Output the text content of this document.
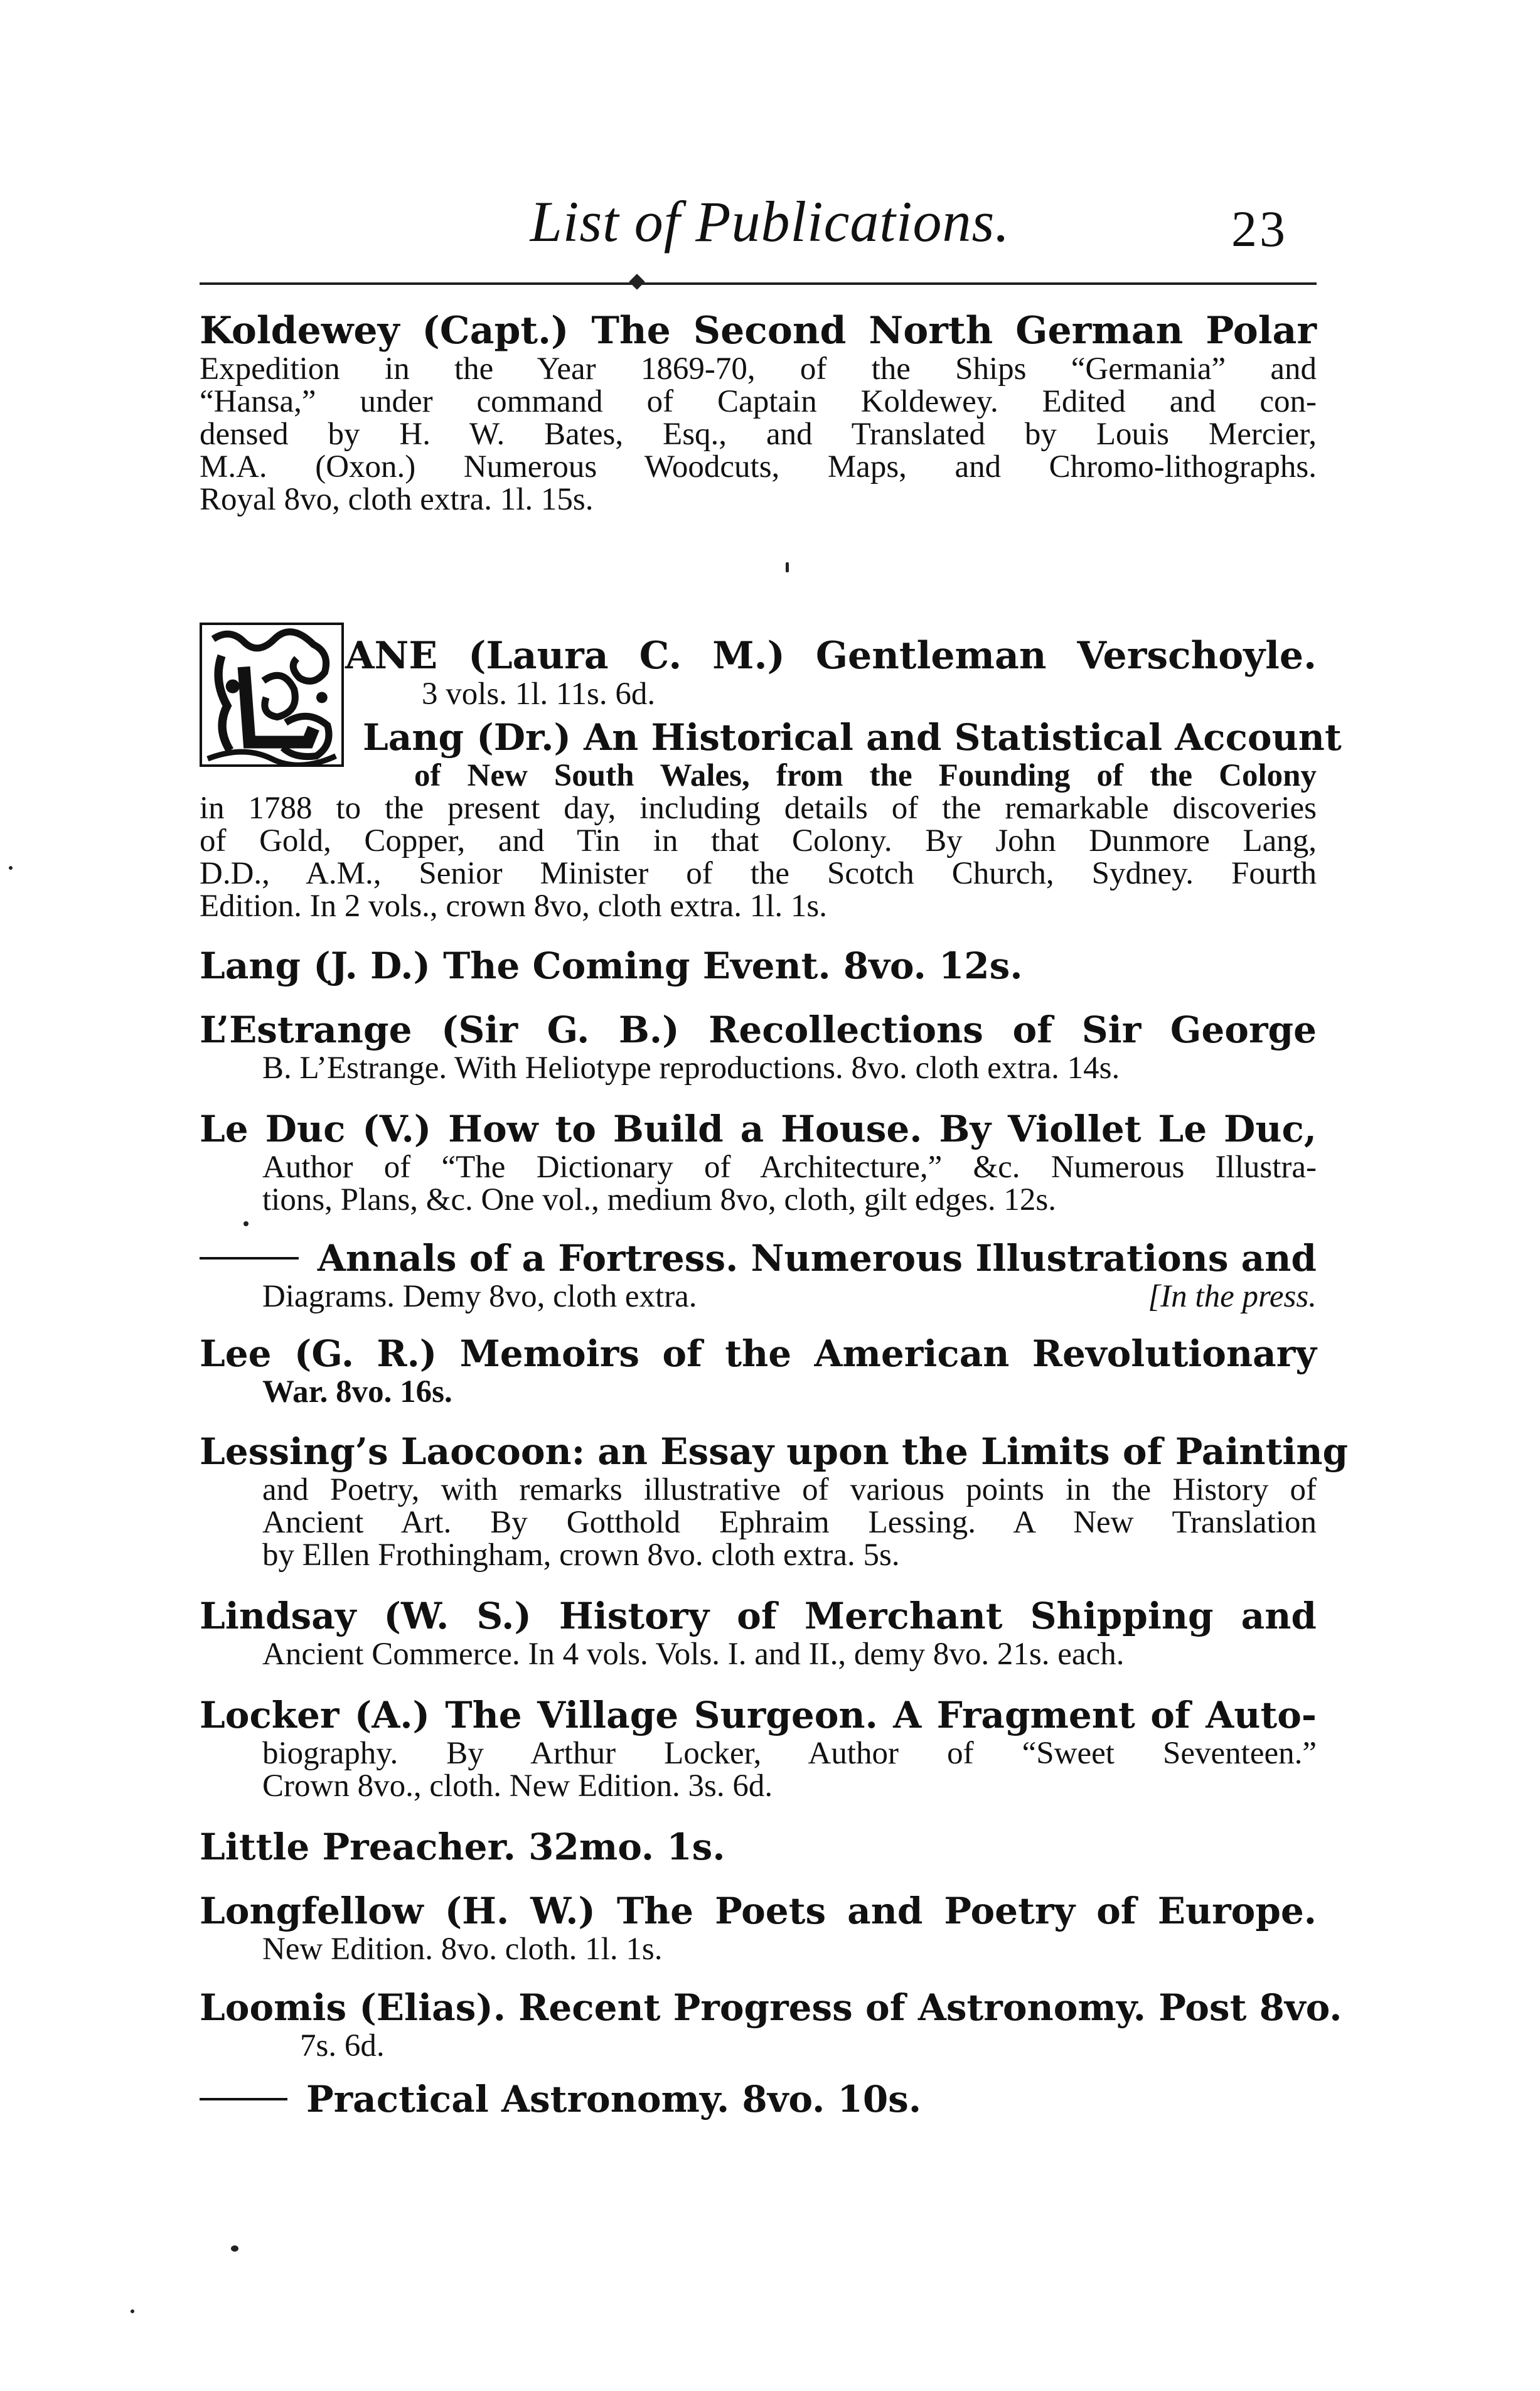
List of Publications.	23
Koldewey (Capt.) The Second North German Polar
Expedition in the Year 1869-70, of the Ships “Germania” and
“Hansa,” under command of Captain Koldewey. Edited and con-
densed by H. W. Bates, Esq., and Translated by Louis Mercier,
M.A. (Oxon.) Numerous Woodcuts, Maps, and Chromo-lithographs.
Royal 8vo, cloth extra. 1l. 15s.
ANE (Laura C. M.) Gentleman Verschoyle.
3 vols. 1l. 11s. 6d.
Lang (Dr.) An Historical and Statistical Account
of New South Wales, from the Founding of the Colony
in 1788 to the present day, including details of the remarkable discoveries
of Gold, Copper, and Tin in that Colony. By John Dunmore Lang,
D.D., A.M., Senior Minister of the Scotch Church, Sydney. Fourth
Edition. In 2 vols., crown 8vo, cloth extra. 1l. 1s.
Lang (J. D.) The Coming Event. 8vo. 12s.
L’Estrange (Sir G. B.) Recollections of Sir George
B. L’Estrange. With Heliotype reproductions. 8vo. cloth extra. 14s.
Le Duc (V.) How to Build a House. By Viollet Le Duc,
Author of “The Dictionary of Architecture,” &c. Numerous Illustra-
tions, Plans, &c. One vol., medium 8vo, cloth, gilt edges. 12s.
Annals of a Fortress. Numerous Illustrations and
Diagrams. Demy 8vo, cloth extra.	[In the press.
Lee (G. R.) Memoirs of the American Revolutionary
War. 8vo. 16s.
Lessing’s Laocoon: an Essay upon the Limits of Painting
and Poetry, with remarks illustrative of various points in the History of
Ancient Art. By Gotthold Ephraim Lessing. A New Translation
by Ellen Frothingham, crown 8vo. cloth extra. 5s.
Lindsay (W. S.) History of Merchant Shipping and
Ancient Commerce. In 4 vols. Vols. I. and II., demy 8vo. 21s. each.
Locker (A.) The Village Surgeon. A Fragment of Auto-
biography. By Arthur Locker, Author of “Sweet Seventeen.”
Crown 8vo., cloth. New Edition. 3s. 6d.
Little Preacher. 32mo. 1s.
Longfellow (H. W.) The Poets and Poetry of Europe.
New Edition. 8vo. cloth. 1l. 1s.
Loomis (Elias). Recent Progress of Astronomy. Post 8vo.
7s. 6d.
Practical Astronomy. 8vo. 10s.
